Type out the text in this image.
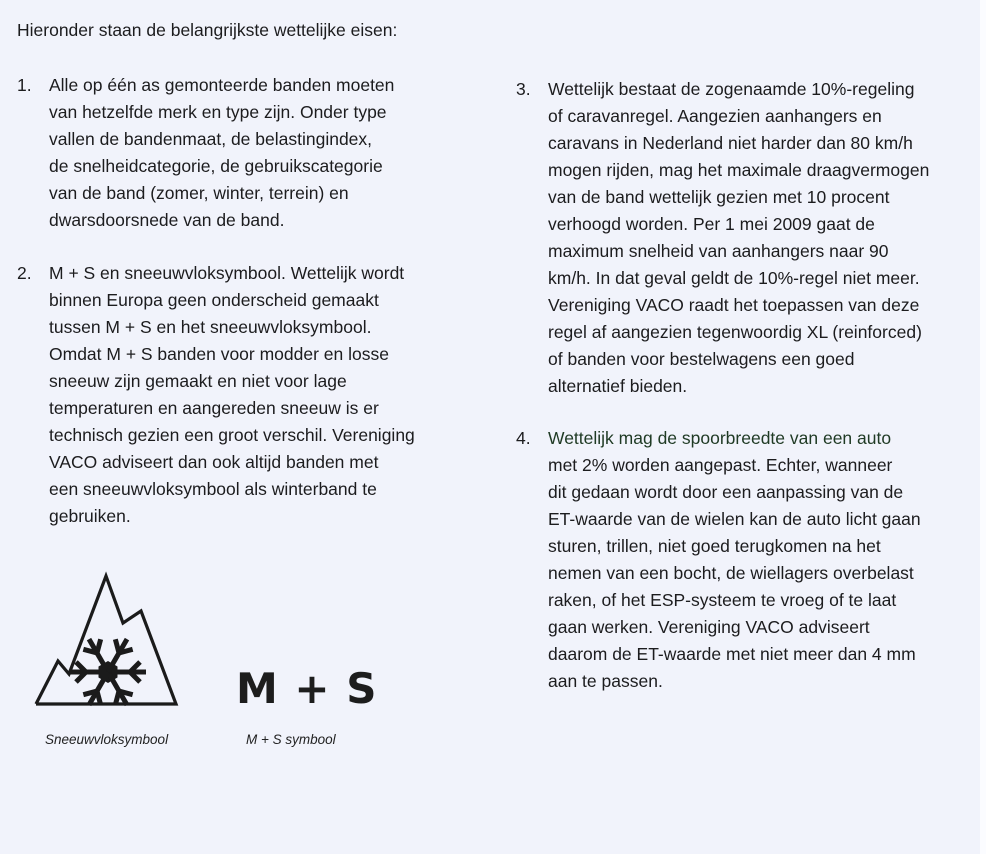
Hieronder staan de belangrijkste wettelijke eisen:

1. Alle op één as gemonteerde banden moeten
van hetzelfde merk en type zijn. Onder type
vallen de bandenmaat, de belastingindex,
de snelheidcategorie, de gebruikscategorie
van de band (zomer, winter, terrein) en
dwarsdoorsnede van de band.
2. M + S en sneeuwvloksymbool. Wettelijk wordt
binnen Europa geen onderscheid gemaakt
tussen M + S en het sneeuwvloksymbool.
Omdat M + S banden voor modder en losse
sneeuw zijn gemaakt en niet voor lage
temperaturen en aangereden sneeuw is er
technisch gezien een groot verschil. Vereniging
VACO adviseert dan ook altijd banden met
een sneeuwvloksymbool als winterband te
gebruiken.
3. Wettelijk bestaat de zogenaamde 10%-regeling
of caravanregel. Aangezien aanhangers en
caravans in Nederland niet harder dan 80 km/h
mogen rijden, mag het maximale draagvermogen
van de band wettelijk gezien met 10 procent
verhoogd worden. Per 1 mei 2009 gaat de
maximum snelheid van aanhangers naar 90
km/h. In dat geval geldt de 10%-regel niet meer.
Vereniging VACO raadt het toepassen van deze
regel af aangezien tegenwoordig XL (reinforced)
of banden voor bestelwagens een goed
alternatief bieden.
4. Wettelijk mag de spoorbreedte van een auto
met 2% worden aangepast. Echter, wanneer
dit gedaan wordt door een aanpassing van de
ET-waarde van de wielen kan de auto licht gaan
sturen, trillen, niet goed terugkomen na het
nemen van een bocht, de wiellagers overbelast
raken, of het ESP-systeem te vroeg of te laat
gaan werken. Vereniging VACO adviseert
daarom de ET-waarde met niet meer dan 4 mm
aan te passen.
M + S
Sneeuwvloksymbool	M + S symbool
